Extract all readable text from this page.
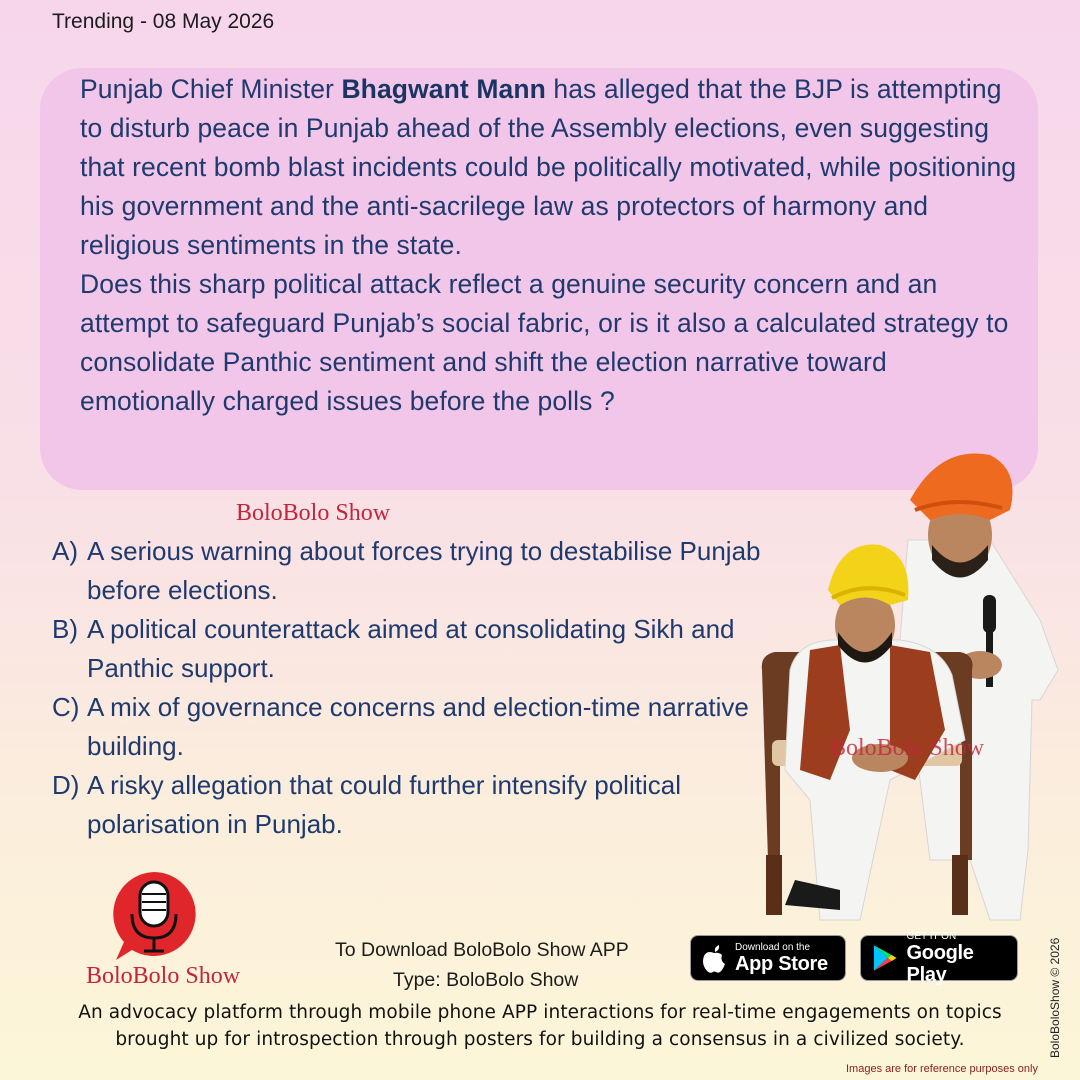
Trending - 08 May 2026

Punjab Chief Minister Bhagwant Mann has alleged that the BJP is attempting to disturb peace in Punjab ahead of the Assembly elections, even suggesting that recent bomb blast incidents could be politically motivated, while positioning his government and the anti-sacrilege law as protectors of harmony and religious sentiments in the state.

Does this sharp political attack reflect a genuine security concern and an attempt to safeguard Punjab’s social fabric, or is it also a calculated strategy to consolidate Panthic sentiment and shift the election narrative toward emotionally charged issues before the polls ?

BoloBolo Show
A) A serious warning about forces trying to destabilise Punjab before elections.
B) A political counterattack aimed at consolidating Sikh and Panthic support.
C) A mix of governance concerns and election-time narrative building.
D) A risky allegation that could further intensify political polarisation in Punjab.
BoloBolo Show
BoloBolo Show
To Download BoloBolo Show APP
Type: BoloBolo Show
Download on the
App Store
GET IT ON
Google Play
An advocacy platform through mobile phone APP interactions for real-time engagements on topics
brought up for introspection through posters for building a consensus in a civilized society.
Images are for reference purposes only
BoloBoloShow © 2026
